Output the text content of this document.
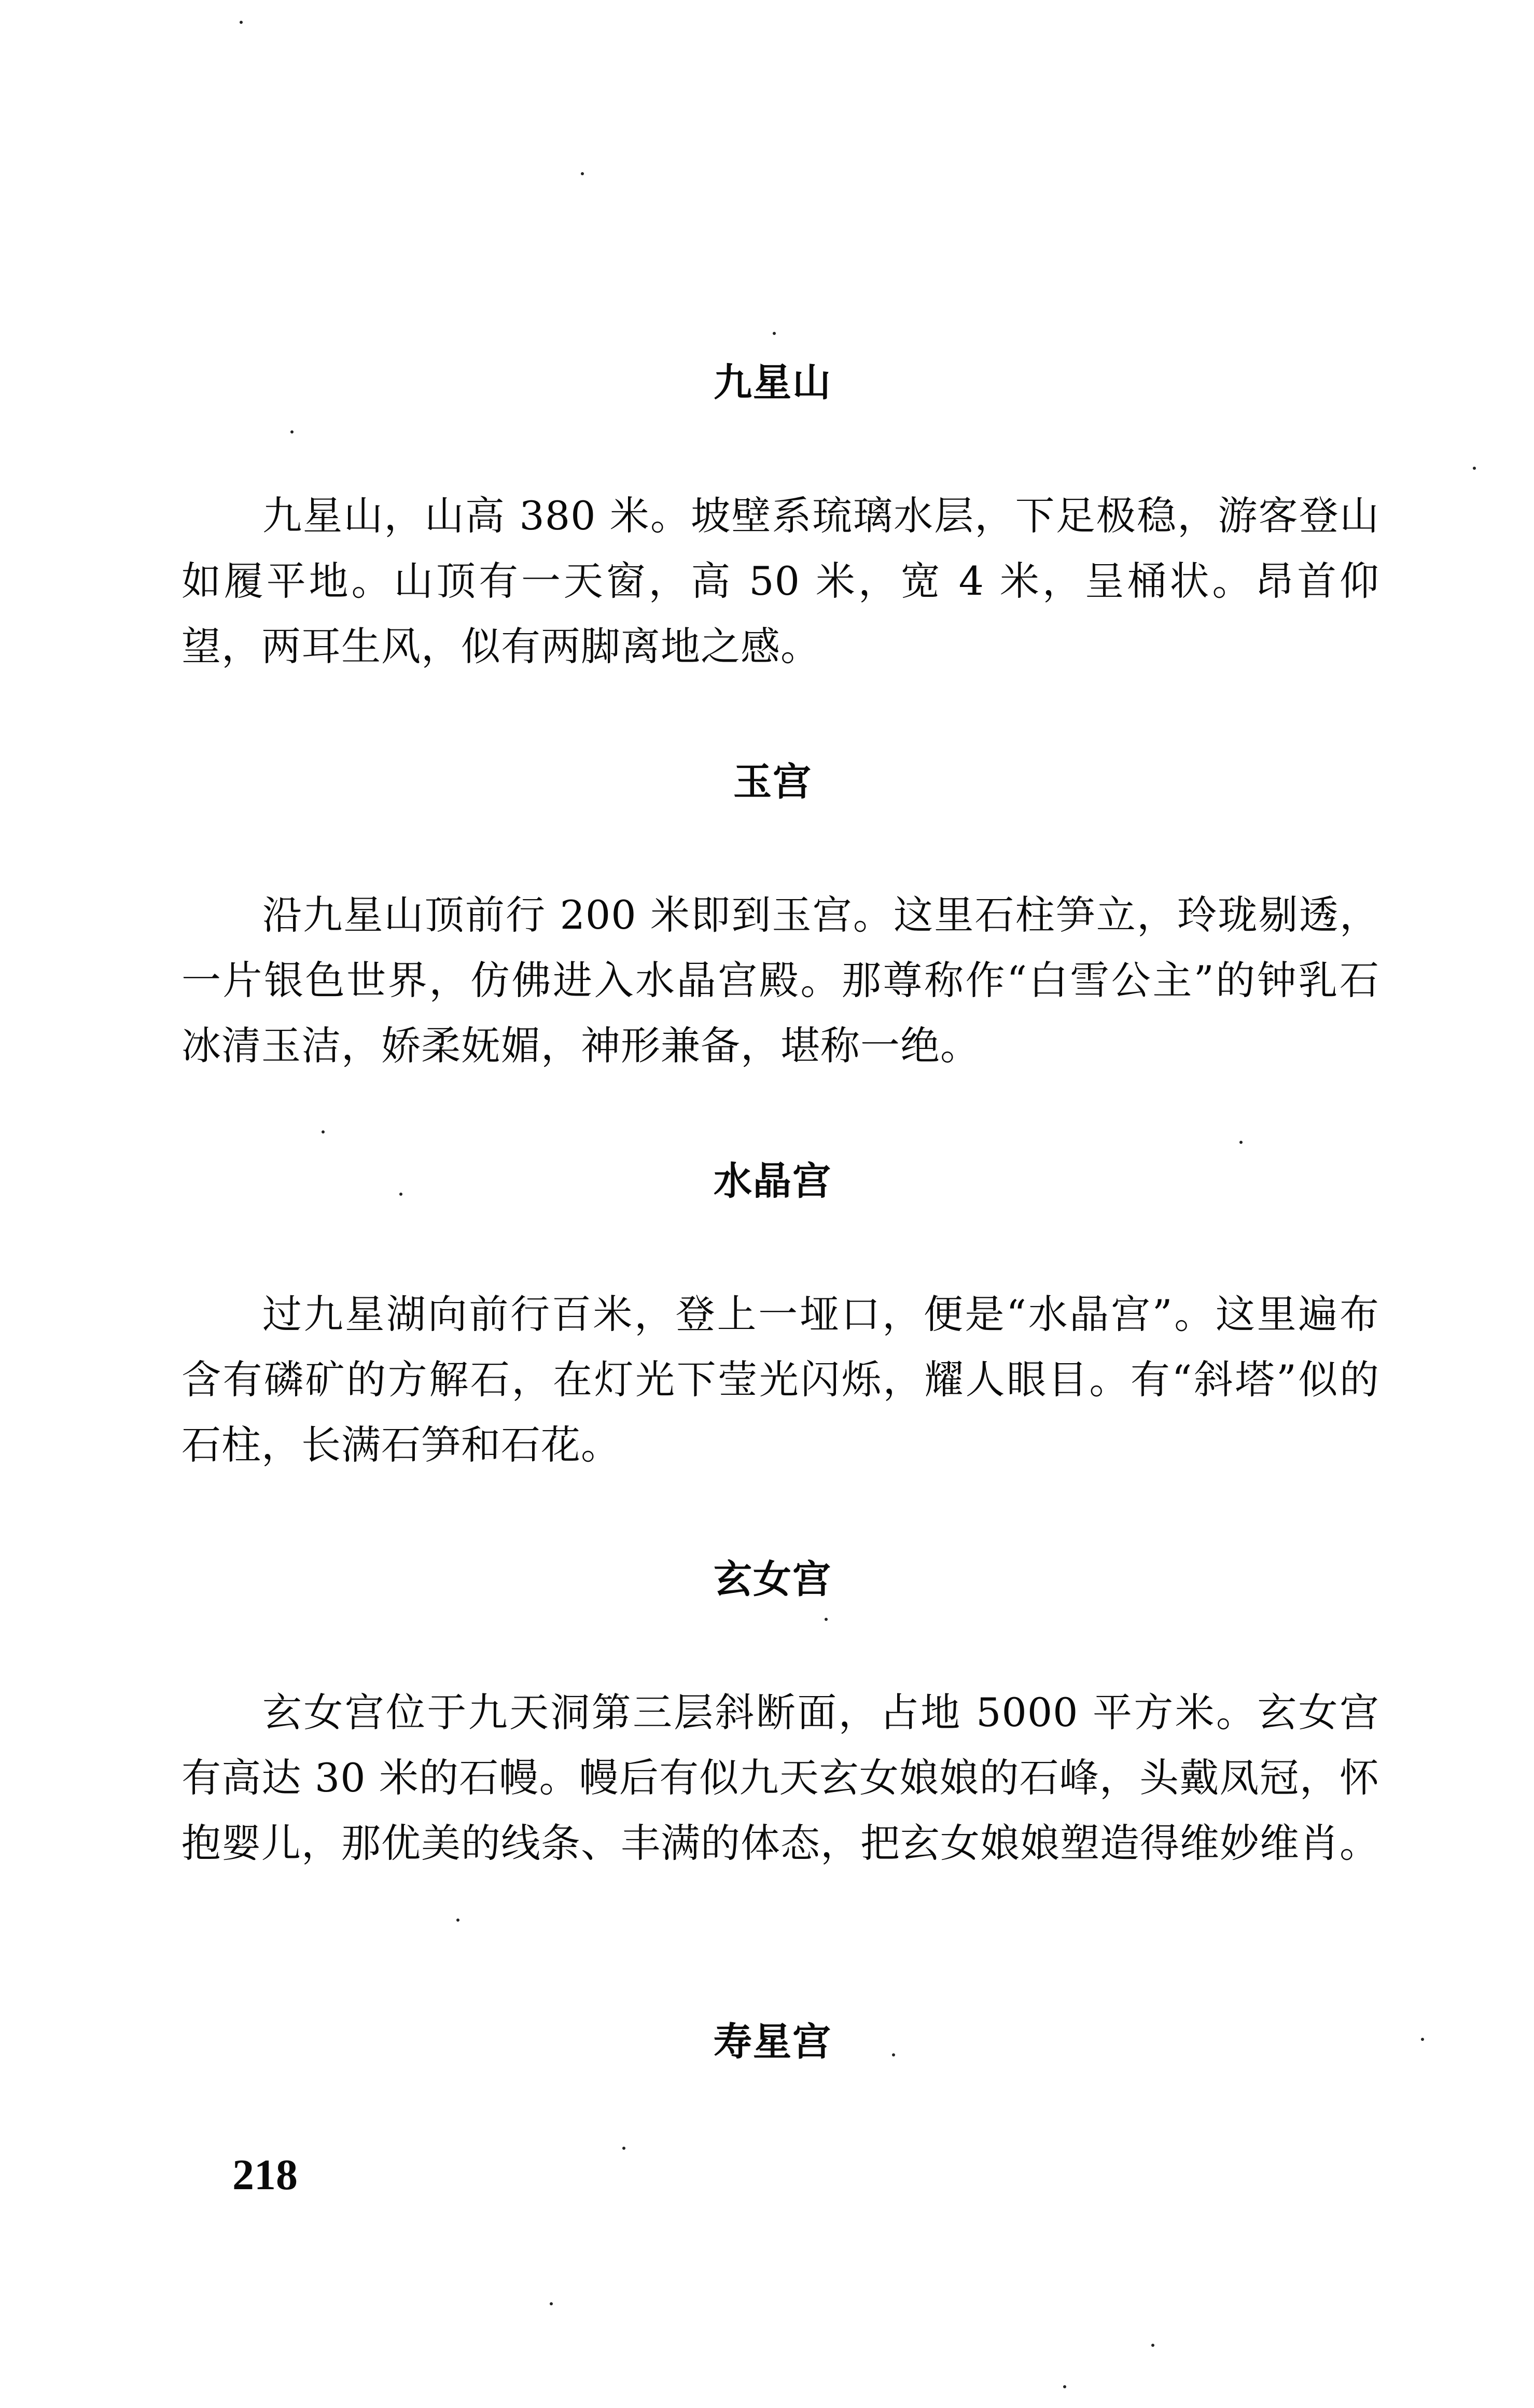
九星山
九星山，山高 380 米。坡壁系琉璃水层，下足极稳，游客登山如履平地。山顶有一天窗，高 50 米，宽 4 米，呈桶状。昂首仰望，两耳生风，似有两脚离地之感。
玉宫
沿九星山顶前行 200 米即到玉宫。这里石柱笋立，玲珑剔透，一片银色世界，仿佛进入水晶宫殿。那尊称作“白雪公主”的钟乳石冰清玉洁，娇柔妩媚，神形兼备，堪称一绝。
水晶宫
过九星湖向前行百米，登上一垭口，便是“水晶宫”。这里遍布含有磷矿的方解石，在灯光下莹光闪烁，耀人眼目。有“斜塔”似的石柱，长满石笋和石花。
玄女宫
玄女宫位于九天洞第三层斜断面，占地 5000 平方米。玄女宫有高达 30 米的石幔。幔后有似九天玄女娘娘的石峰，头戴凤冠，怀抱婴儿，那优美的线条、丰满的体态，把玄女娘娘塑造得维妙维肖。
寿星宫
218
